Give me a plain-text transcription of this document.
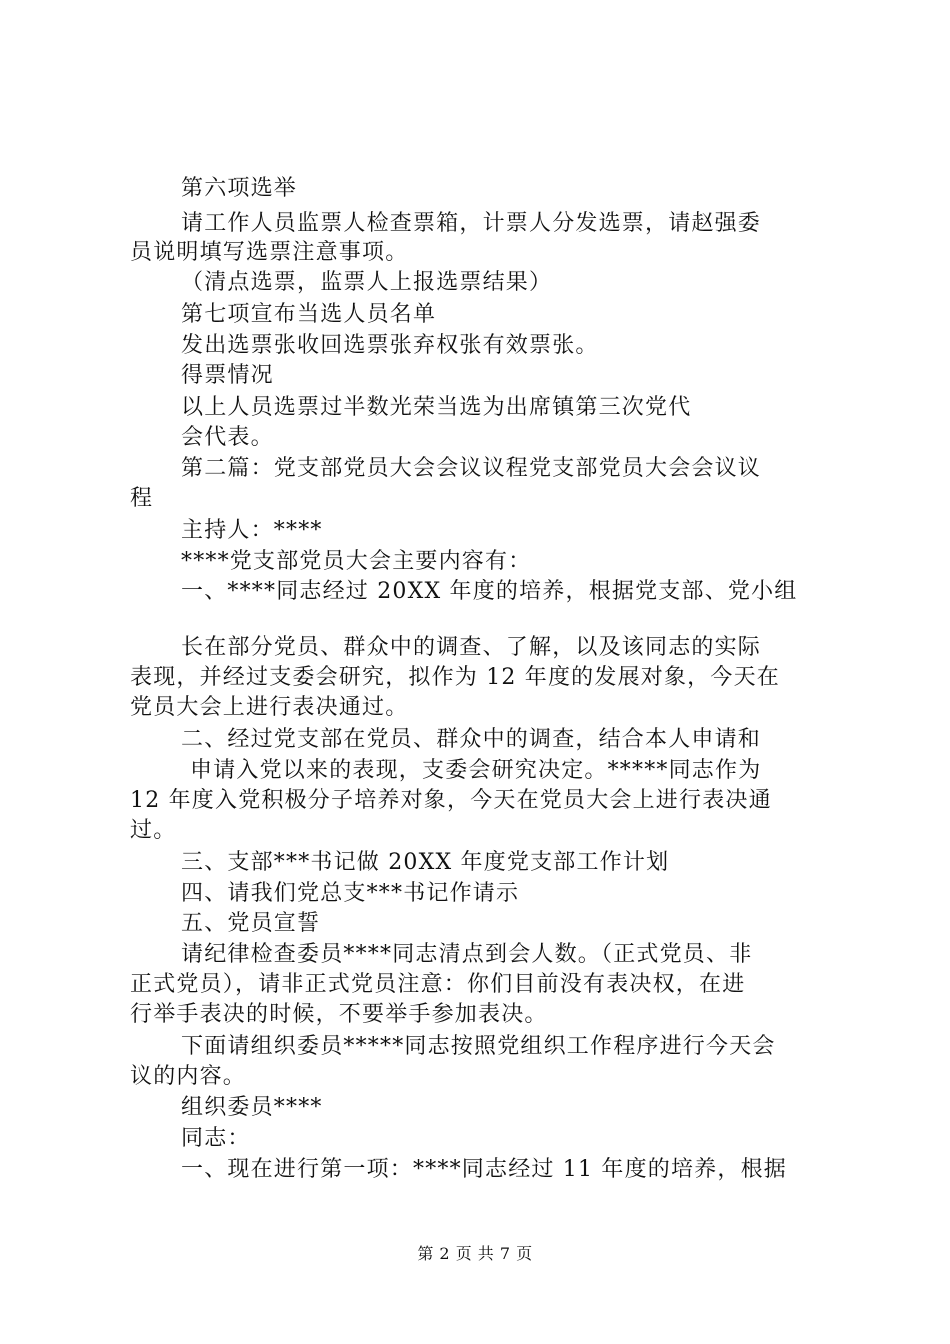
第六项选举
请工作人员监票人检查票箱，计票人分发选票，请赵强委
员说明填写选票注意事项。
（清点选票，监票人上报选票结果）
第七项宣布当选人员名单
发出选票张收回选票张弃权张有效票张。
得票情况
以上人员选票过半数光荣当选为出席镇第三次党代
会代表。
第二篇：党支部党员大会会议议程党支部党员大会会议议
程
主持人：****
****党支部党员大会主要内容有：
一、****同志经过 20XX 年度的培养，根据党支部、党小组
长在部分党员、群众中的调查、了解，以及该同志的实际
表现，并经过支委会研究，拟作为 12 年度的发展对象，今天在
党员大会上进行表决通过。
二、经过党支部在党员、群众中的调查，结合本人申请和
申请入党以来的表现，支委会研究决定。*****同志作为
12 年度入党积极分子培养对象，今天在党员大会上进行表决通
过。
三、支部***书记做 20XX 年度党支部工作计划
四、请我们党总支***书记作请示
五、党员宣誓
请纪律检查委员****同志清点到会人数。（正式党员、非
正式党员），请非正式党员注意：你们目前没有表决权，在进
行举手表决的时候，不要举手参加表决。
下面请组织委员*****同志按照党组织工作程序进行今天会
议的内容。
组织委员****
同志：
一、现在进行第一项：****同志经过 11 年度的培养，根据
第 2 页 共 7 页
